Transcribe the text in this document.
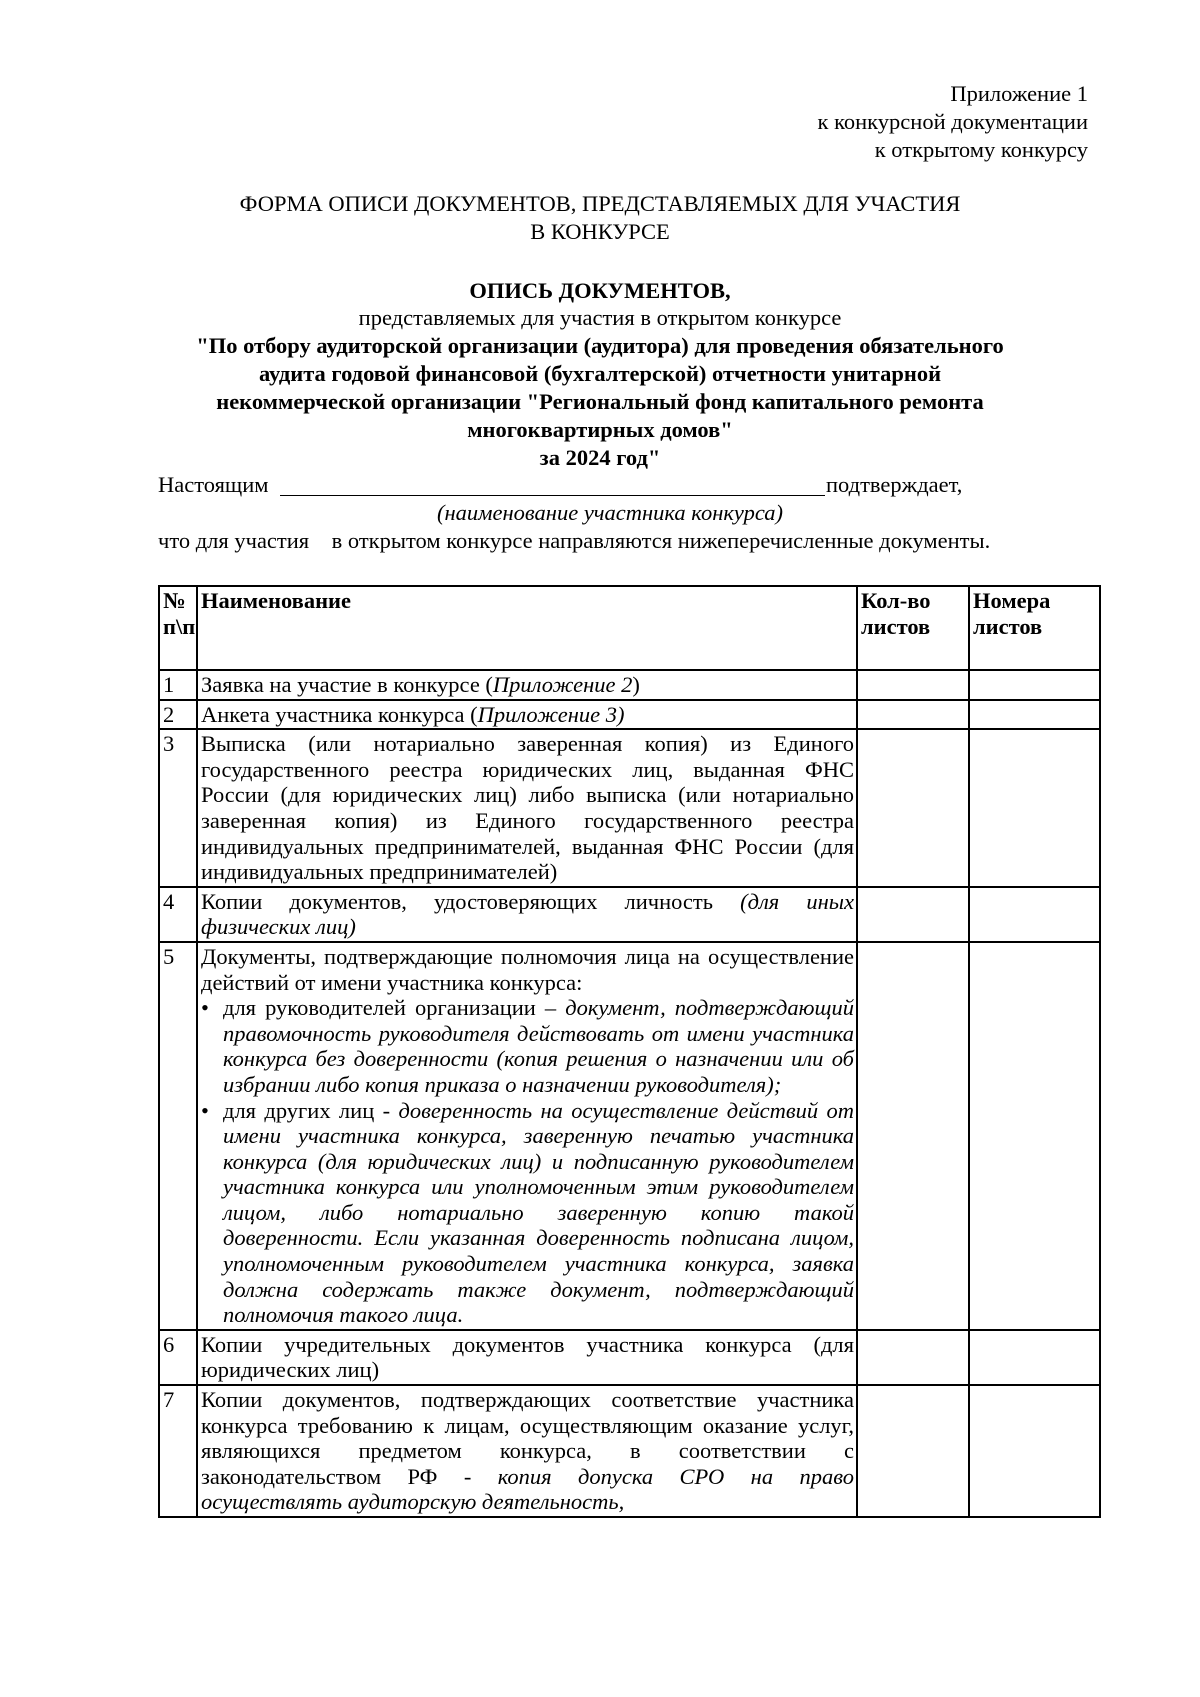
Приложение 1
к конкурсной документации
к открытому конкурсу
ФОРМА ОПИСИ ДОКУМЕНТОВ, ПРЕДСТАВЛЯЕМЫХ ДЛЯ УЧАСТИЯ
В КОНКУРСЕ
ОПИСЬ ДОКУМЕНТОВ,
представляемых для участия в открытом конкурсе
"По отбору аудиторской организации (аудитора) для проведения обязательного
аудита годовой финансовой (бухгалтерской) отчетности унитарной
некоммерческой организации "Региональный фонд капитального ремонта
многоквартирных домов"
за 2024 год"
Настоящим	подтверждает,
(наименование участника конкурса)
что для участия    в открытом конкурсе направляются нижеперечисленные документы.
№ п\п	Наименование	Кол-во листов	Номера листов
1	Заявка на участие в конкурсе (Приложение 2)		
2	Анкета участника конкурса (Приложение 3)		
3	Выписка (или нотариально заверенная копия) из Единого государственного реестра юридических лиц, выданная ФНС России (для юридических лиц) либо выписка (или нотариально заверенная копия) из Единого государственного реестра индивидуальных предпринимателей, выданная ФНС России (для индивидуальных предпринимателей)		
4	Копии документов, удостоверяющих личность (для иных физических лиц)		
5	Документы, подтверждающие полномочия лица на осуществление действий от имени участника конкурса:
• для руководителей организации – документ, подтверждающий правомочность руководителя действовать от имени участника конкурса без доверенности (копия решения о назначении или об избрании либо копия приказа о назначении руководителя);
• для других лиц - доверенность на осуществление действий от имени участника конкурса, заверенную печатью участника конкурса (для юридических лиц) и подписанную руководителем участника конкурса или уполномоченным этим руководителем лицом, либо нотариально заверенную копию такой доверенности. Если указанная доверенность подписана лицом, уполномоченным руководителем участника конкурса, заявка должна содержать также документ, подтверждающий полномочия такого лица.		

6	Копии учредительных документов участника конкурса (для юридических лиц)		
7	Копии документов, подтверждающих соответствие участника конкурса требованию к лицам, осуществляющим оказание услуг, являющихся предметом конкурса, в соответствии с законодательством РФ - копия допуска СРО на право осуществлять аудиторскую деятельность,		
